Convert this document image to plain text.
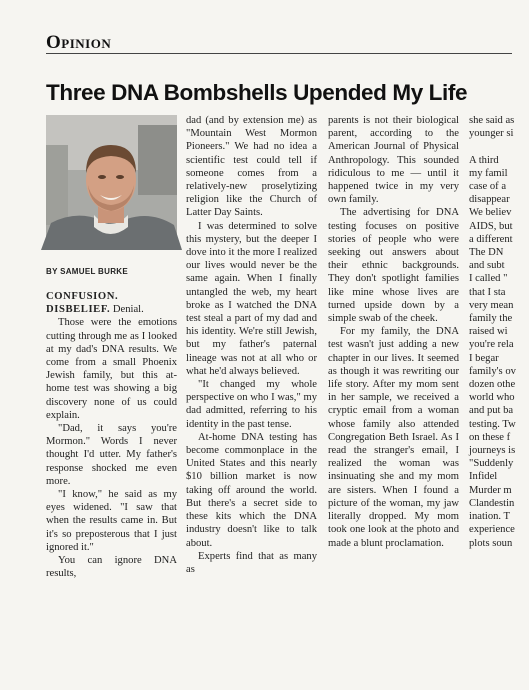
Opinion
Three DNA Bombshells Upended My Life
BY SAMUEL BURKE

CONFUSION. DISBELIEF. Denial.

Those were the emotions cutting through me as I looked at my dad's DNA results. We come from a small Phoenix Jewish family, but this at-home test was showing a big discovery none of us could explain.

"Dad, it says you're Mormon." Words I never thought I'd utter. My father's response shocked me even more.

"I know," he said as my eyes widened. "I saw that when the results came in. But it's so preposterous that I just ignored it."

You can ignore DNA results,

dad (and by extension me) as "Mountain West Mormon Pioneers." We had no idea a scientific test could tell if someone comes from a relatively-new proselytizing religion like the Church of Latter Day Saints.

I was determined to solve this mystery, but the deeper I dove into it the more I realized our lives would never be the same again. When I finally untangled the web, my heart broke as I watched the DNA test steal a part of my dad and his identity. We're still Jewish, but my father's paternal lineage was not at all who or what he'd always believed.

"It changed my whole perspective on who I was," my dad admitted, referring to his identity in the past tense.

At-home DNA testing has become commonplace in the United States and this nearly $10 billion market is now taking off around the world. But there's a secret side to these kits which the DNA industry doesn't like to talk about.

Experts find that as many as

parents is not their biological parent, according to the American Journal of Physical Anthropology. This sounded ridiculous to me — until it happened twice in my very own family.

The advertising for DNA testing focuses on positive stories of people who were seeking out answers about their ethnic backgrounds. They don't spotlight families like mine whose lives are turned upside down by a simple swab of the cheek.

For my family, the DNA test wasn't just adding a new chapter in our lives. It seemed as though it was rewriting our life story. After my mom sent in her sample, we received a cryptic email from a woman whose family also attended Congregation Beth Israel. As I read the stranger's email, I realized the woman was insinuating she and my mom are sisters. When I found a picture of the woman, my jaw literally dropped. My mom took one look at the photo and made a blunt proclamation.

she said as
younger si

A third
my famil
case of a
disappear
We believ
AIDS, but
a different
The DN
and subt
I called "
that I sta
very mean
family the
raised wi
you're rela
I begar
family's ov
dozen othe
world who
and put ba
testing. Tw
on these f
journeys is
"Suddenly
Infidel
Murder m
Clandestin
ination. T
experience
plots soun
